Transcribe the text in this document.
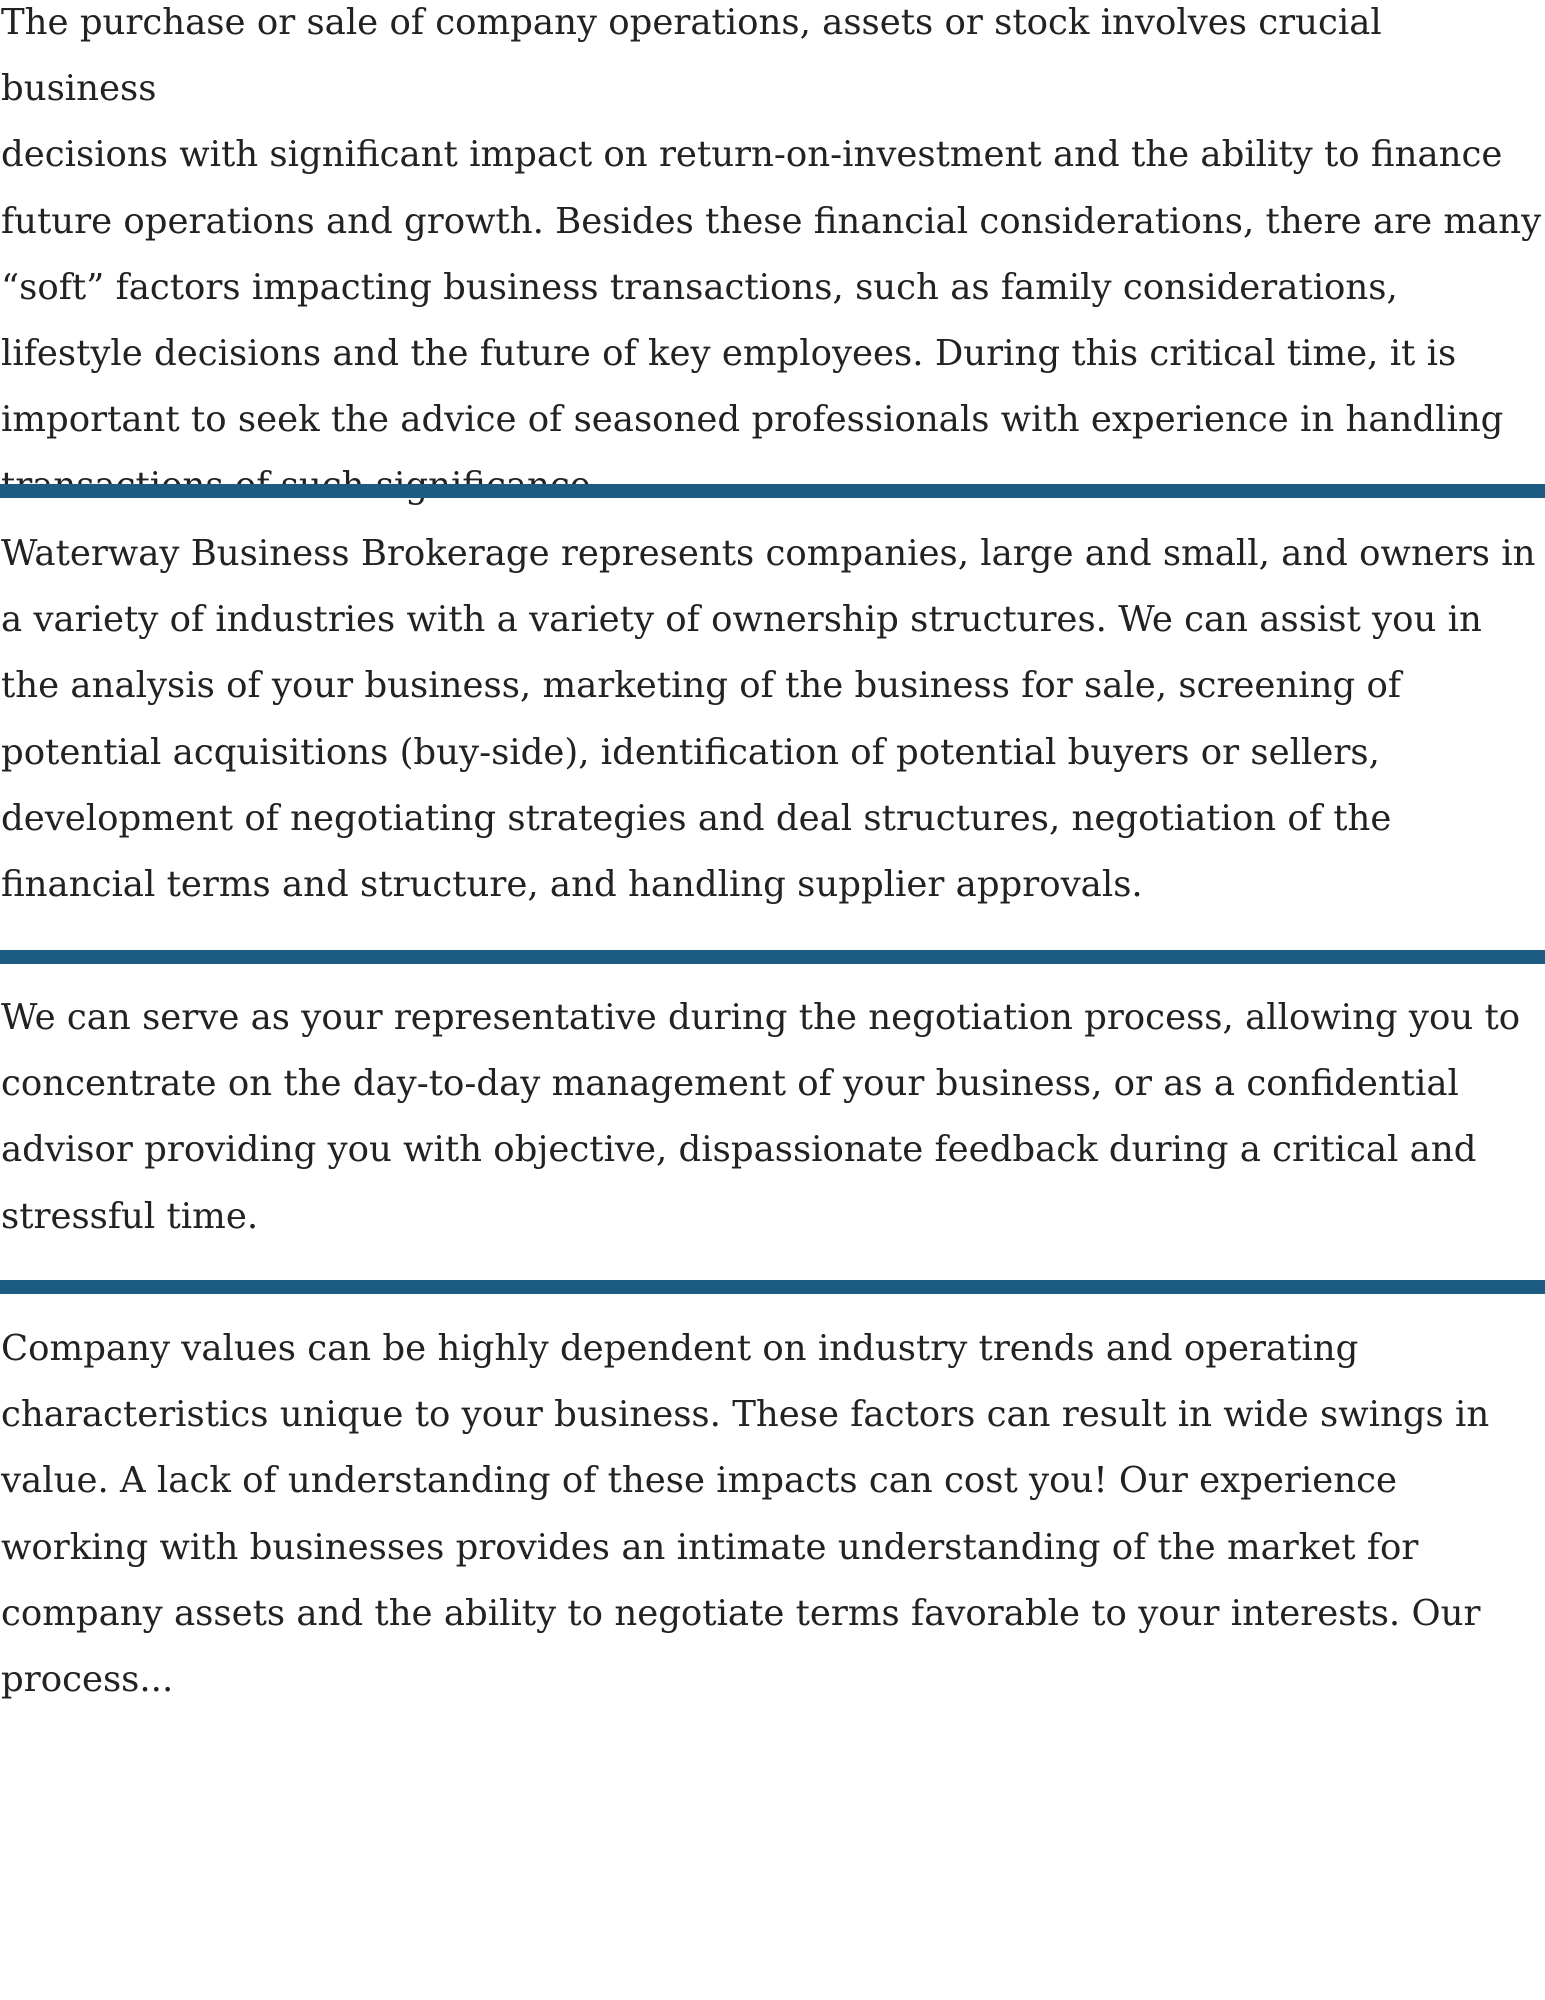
The purchase or sale of company operations, assets or stock involves crucial business
decisions with significant impact on return-on-investment and the ability to finance
future operations and growth. Besides these financial considerations, there are many
“soft” factors impacting business transactions, such as family considerations,
lifestyle decisions and the future of key employees. During this critical time, it is
important to seek the advice of seasoned professionals with experience in handling

Waterway Business Brokerage represents companies, large and small, and owners in
a variety of industries with a variety of ownership structures. We can assist you in
the analysis of your business, marketing of the business for sale, screening of
potential acquisitions (buy-side), identification of potential buyers or sellers,
development of negotiating strategies and deal structures, negotiation of the
financial terms and structure, and handling supplier approvals.

We can serve as your representative during the negotiation process, allowing you to
concentrate on the day-to-day management of your business, or as a confidential
advisor providing you with objective, dispassionate feedback during a critical and
stressful time.

Company values can be highly dependent on industry trends and operating
characteristics unique to your business. These factors can result in wide swings in
value. A lack of understanding of these impacts can cost you! Our experience
working with businesses provides an intimate understanding of the market for
company assets and the ability to negotiate terms favorable to your interests. Our
process...
